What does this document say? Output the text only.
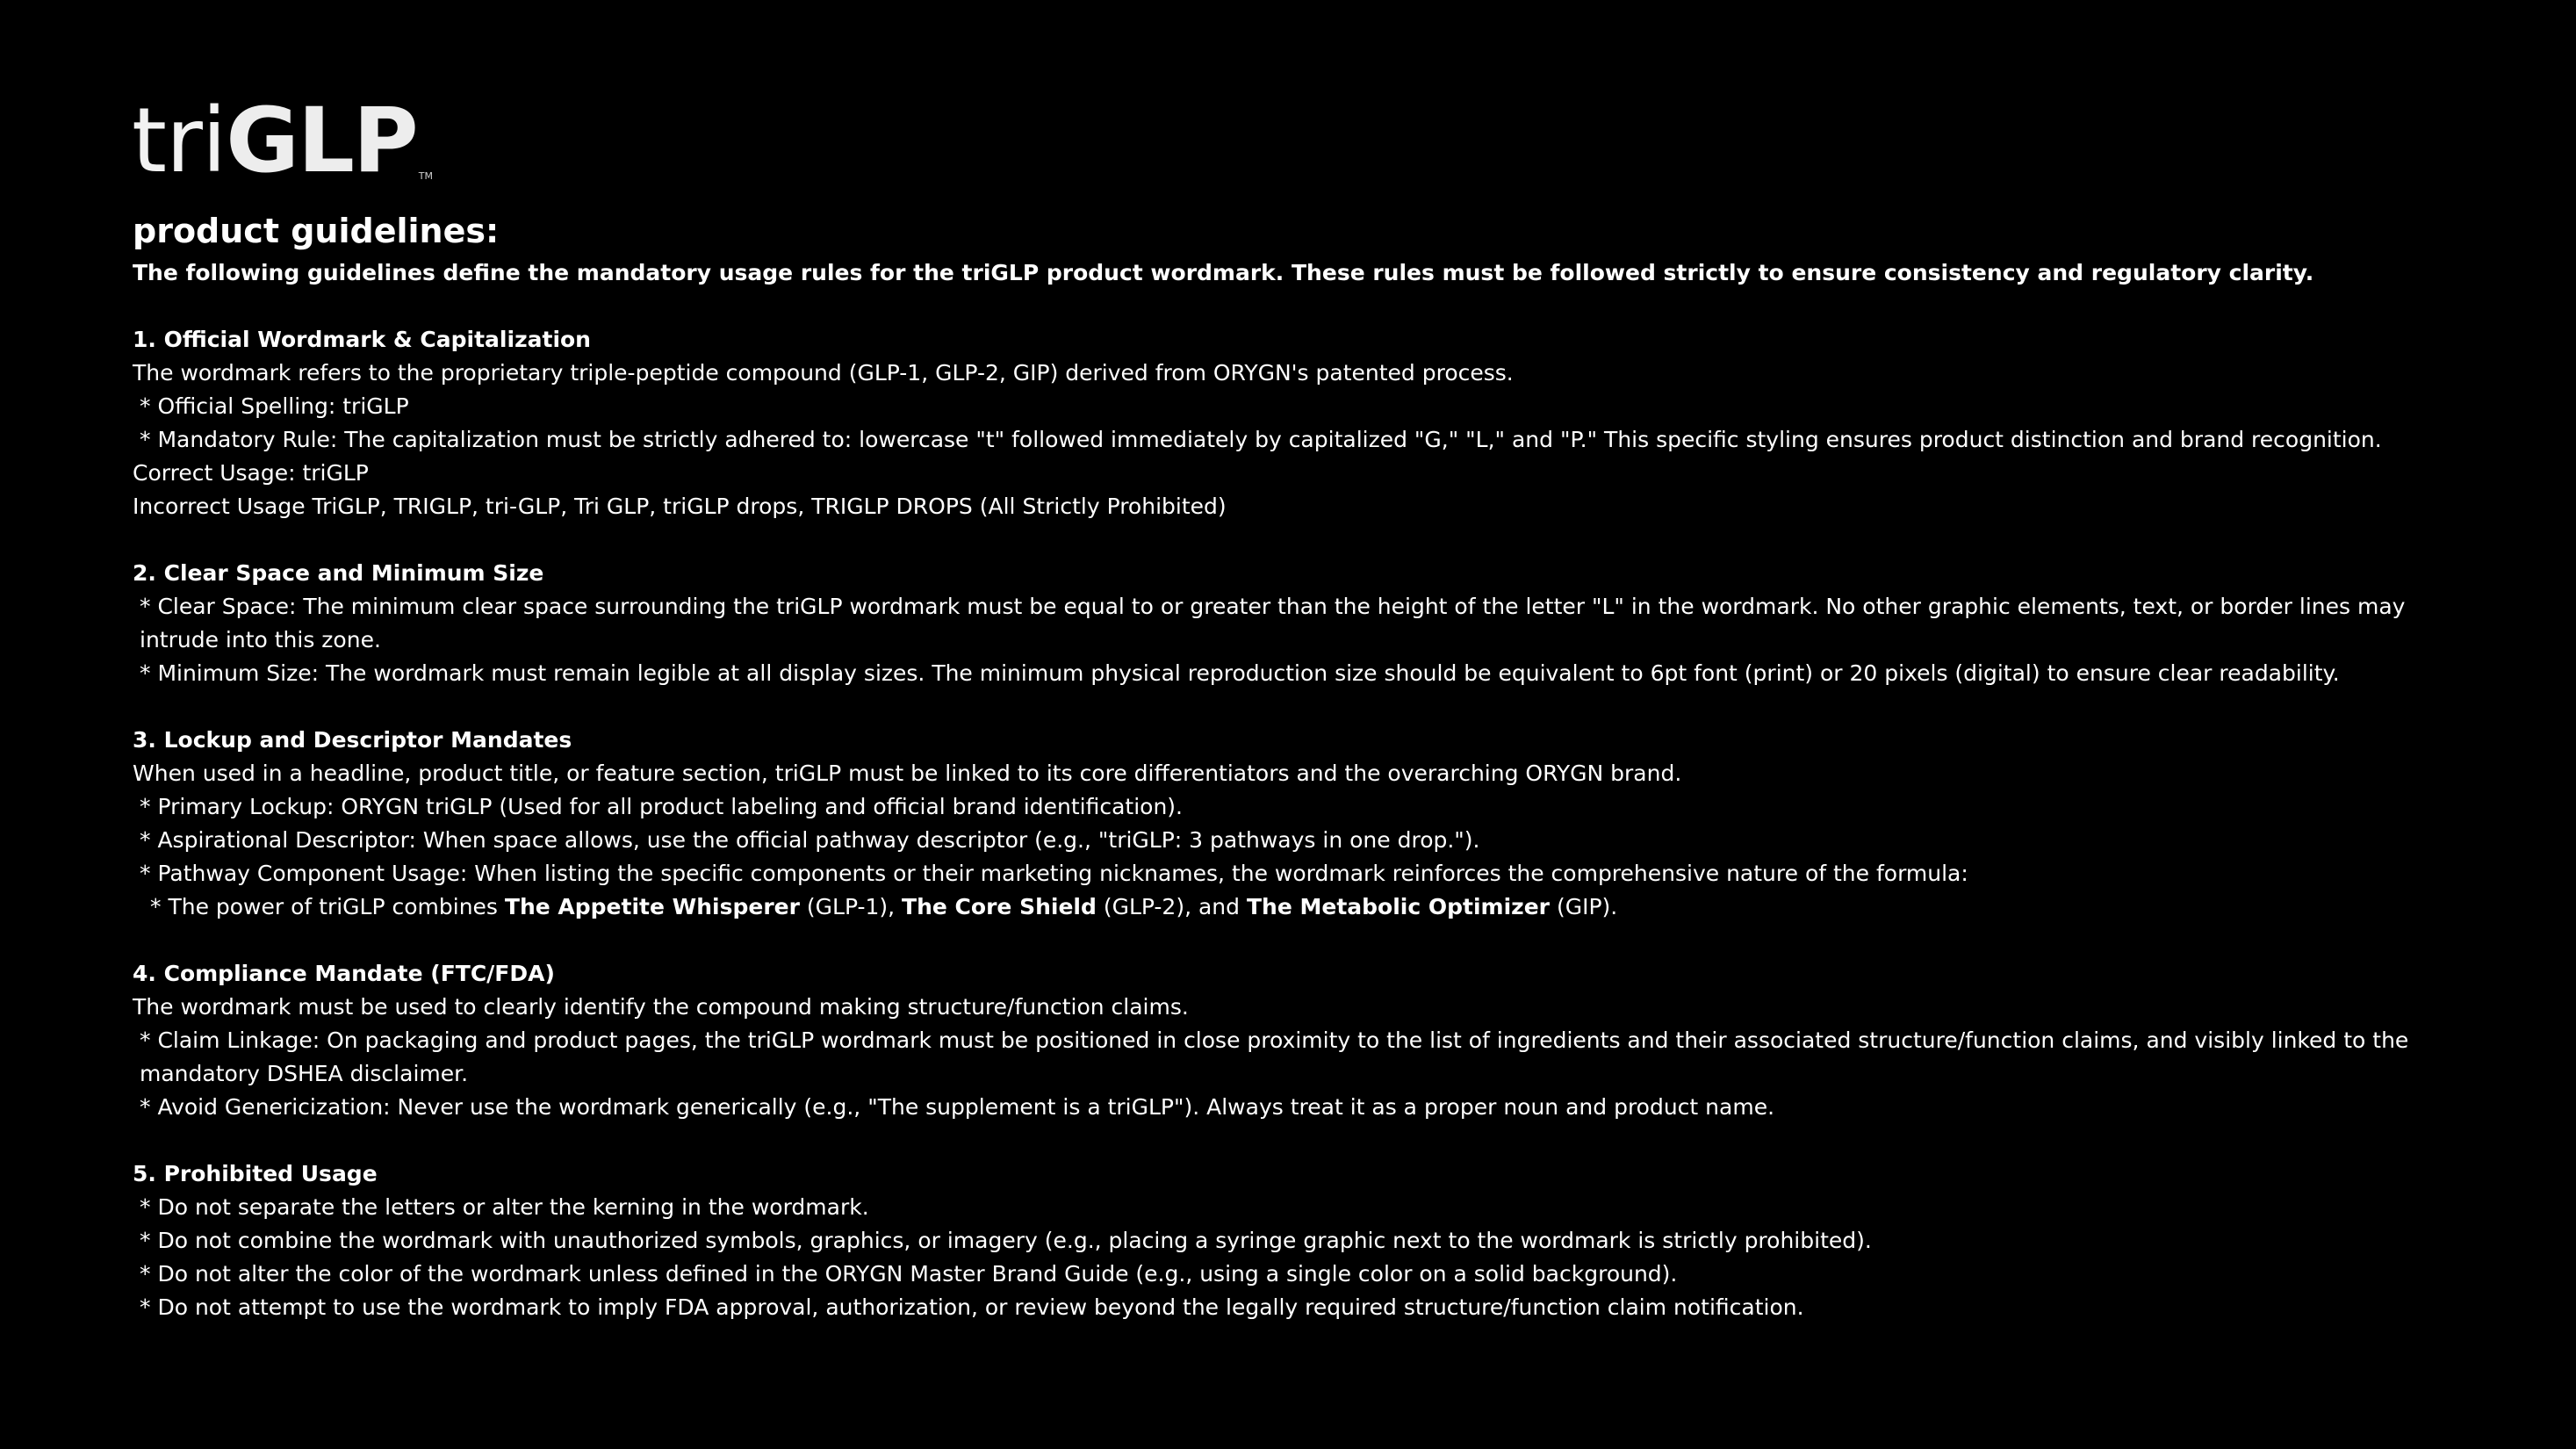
tri GLP TM
product guidelines:
The following guidelines define the mandatory usage rules for the triGLP product wordmark. These rules must be followed strictly to ensure consistency and regulatory clarity.
1. Official Wordmark & Capitalization
The wordmark refers to the proprietary triple-peptide compound (GLP-1, GLP-2, GIP) derived from ORYGN's patented process.
* Official Spelling: triGLP
* Mandatory Rule: The capitalization must be strictly adhered to: lowercase "t" followed immediately by capitalized "G," "L," and "P." This specific styling ensures product distinction and brand recognition.
Correct Usage: triGLP
Incorrect Usage TriGLP, TRIGLP, tri-GLP, Tri GLP, triGLP drops, TRIGLP DROPS (All Strictly Prohibited)
2. Clear Space and Minimum Size
* Clear Space: The minimum clear space surrounding the triGLP wordmark must be equal to or greater than the height of the letter "L" in the wordmark. No other graphic elements, text, or border lines may intrude into this zone.
* Minimum Size: The wordmark must remain legible at all display sizes. The minimum physical reproduction size should be equivalent to 6pt font (print) or 20 pixels (digital) to ensure clear readability.
3. Lockup and Descriptor Mandates
When used in a headline, product title, or feature section, triGLP must be linked to its core differentiators and the overarching ORYGN brand.
* Primary Lockup: ORYGN triGLP (Used for all product labeling and official brand identification).
* Aspirational Descriptor: When space allows, use the official pathway descriptor (e.g., "triGLP: 3 pathways in one drop.").
* Pathway Component Usage: When listing the specific components or their marketing nicknames, the wordmark reinforces the comprehensive nature of the formula:
* The power of triGLP combines The Appetite Whisperer (GLP-1), The Core Shield (GLP-2), and The Metabolic Optimizer (GIP).
4. Compliance Mandate (FTC/FDA)
The wordmark must be used to clearly identify the compound making structure/function claims.
* Claim Linkage: On packaging and product pages, the triGLP wordmark must be positioned in close proximity to the list of ingredients and their associated structure/function claims, and visibly linked to the mandatory DSHEA disclaimer.
* Avoid Genericization: Never use the wordmark generically (e.g., "The supplement is a triGLP"). Always treat it as a proper noun and product name.
5. Prohibited Usage
* Do not separate the letters or alter the kerning in the wordmark.
* Do not combine the wordmark with unauthorized symbols, graphics, or imagery (e.g., placing a syringe graphic next to the wordmark is strictly prohibited).
* Do not alter the color of the wordmark unless defined in the ORYGN Master Brand Guide (e.g., using a single color on a solid background).
* Do not attempt to use the wordmark to imply FDA approval, authorization, or review beyond the legally required structure/function claim notification.
